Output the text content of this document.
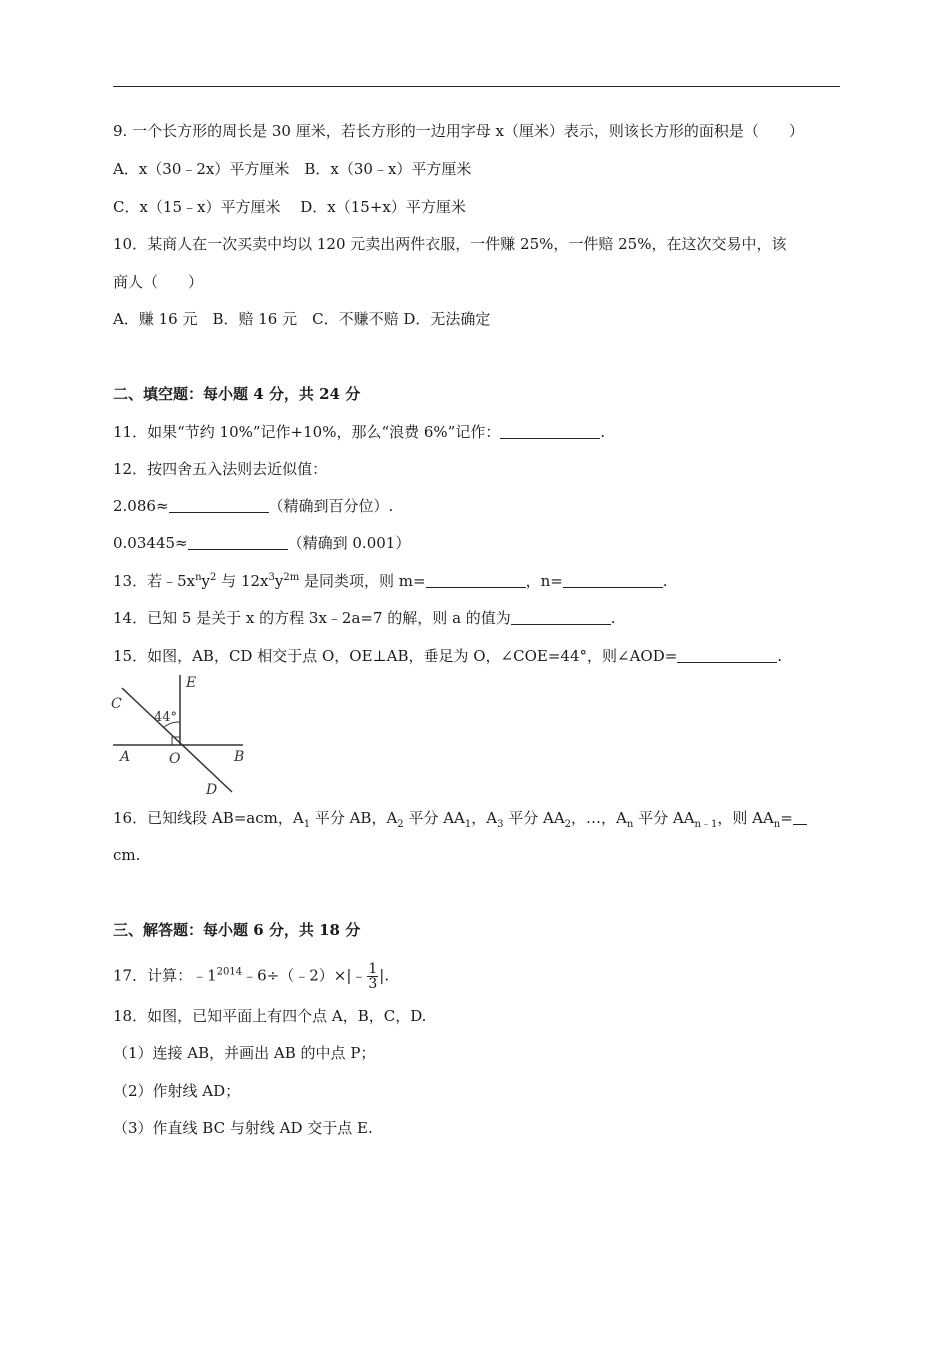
9. 一个长方形的周长是 30 厘米，若长方形的一边用字母 x（厘米）表示，则该长方形的面积是（　　）
A．x（30﹣2x）平方厘米　B．x（30﹣x）平方厘米
C．x（15﹣x）平方厘米　 D．x（15+x）平方厘米
10．某商人在一次买卖中均以 120 元卖出两件衣服，一件赚 25%，一件赔 25%，在这次交易中，该
商人（　　）
A．赚 16 元　B．赔 16 元　C．不赚不赔 D．无法确定
二、填空题：每小题 4 分，共 24 分
11．如果“节约 10%”记作+10%，那么“浪费 6%”记作：	.
12．按四舍五入法则去近似值：
2.086≈	（精确到百分位）.
0.03445≈	（精确到 0.001）
13．若$﹣5x^ny^2$ 与 $12x^3y^{2m}$ 是同类项，则 m=	，n=	.
14．已知 5 是关于 x 的方程 3x﹣2a=7 的解，则 a 的值为	.
15．如图，AB，CD 相交于点 O，OE⊥AB，垂足为 O，∠COE=44°，则∠AOD=	.
E
C
44°
A	O	B
D
16．已知线段 AB=acm，$A_1$ 平分 AB，$A_2$ 平分 $AA_1$，$A_3$ 平分 $AA_2$，…，$A_n$ 平分 $AA_{n﹣1}$，则 $AA_n=$
cm.
三、解答题：每小题 6 分，共 18 分
17．计算：$﹣1^{2014}﹣6\div(﹣2)\times|﹣ \frac{1}{3}$ |.
18．如图，已知平面上有四个点 A，B，C，D.
（1）连接 AB，并画出 AB 的中点 P；
（2）作射线 AD；
（3）作直线 BC 与射线 AD 交于点 E.
